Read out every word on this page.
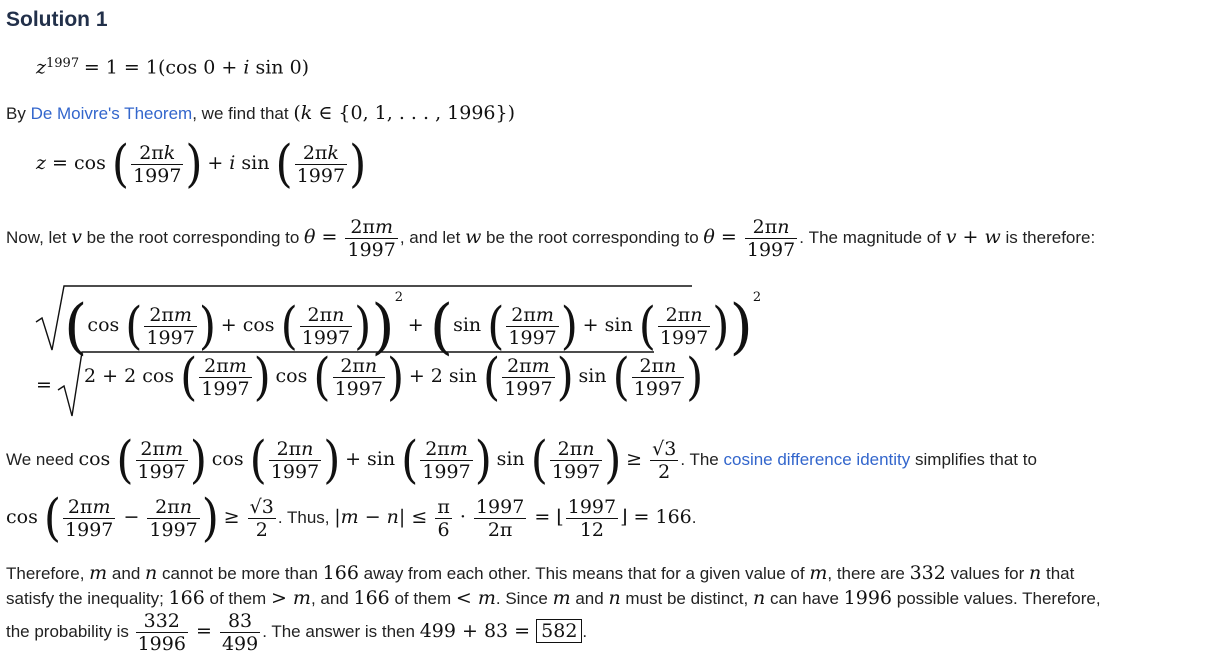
Solution 1
$z^{1997} = 1 = 1(\cos$ 0 + i sin 0)
By De Moivre's Theorem, we find that (k ∈ {0, 1, . . . , 1996})
z = cos ( $\frac{2\pi k}{1997}$ ) + i sin ( $\frac{2\pi k}{1997}$ )
Now, let v be the root corresponding to $\theta = \frac{2\pi m}{1997}$ , and let w be the root corresponding to $\theta = \frac{2\pi n}{1997}$ . The magnitude of v + w is therefore:
(cos ( $\frac{2\pi m}{1997}$ ) + cos ( $\frac{2\pi n}{1997} ))^2 + (\sin$ ( $\frac{2\pi m}{1997}$ ) + sin ( $\frac{2\pi n}{1997} ))^2$
= 2 + 2 cos ( $\frac{2\pi m}{1997}$ ) cos ( $\frac{2\pi n}{1997}$ ) + 2 sin ( $\frac{2\pi m}{1997}$ ) sin ( $\frac{2\pi n}{1997}$ )
We need cos ( $\frac{2\pi m}{1997}$ ) cos ( $\frac{2\pi n}{1997}$ ) + sin ( $\frac{2\pi m}{1997}$ ) sin ( $\frac{2\pi n}{1997}$ ) ≥ $\frac{√3}{2}$ . The cosine difference identity simplifies that to
cos ( $\frac{2\pi m}{1997} - \frac{2\pi n}{1997}$ ) ≥ $\frac{√3}{2}$ . Thus, $|m - n| \le \frac{\pi}{6} \cdot \frac{1997}{2\pi}$ = ⌊ $\frac{1997}{12}$ ⌋ = 166.
Therefore, m and n cannot be more than 166 away from each other. This means that for a given value of m, there are 332 values for n that
satisfy the inequality; 166 of them > m, and 166 of them < m. Since m and n must be distinct, n can have 1996 possible values. Therefore,
the probability is $\frac{332}{1996} = \frac{83}{499}$ . The answer is then 499 + 83 = 582 .
